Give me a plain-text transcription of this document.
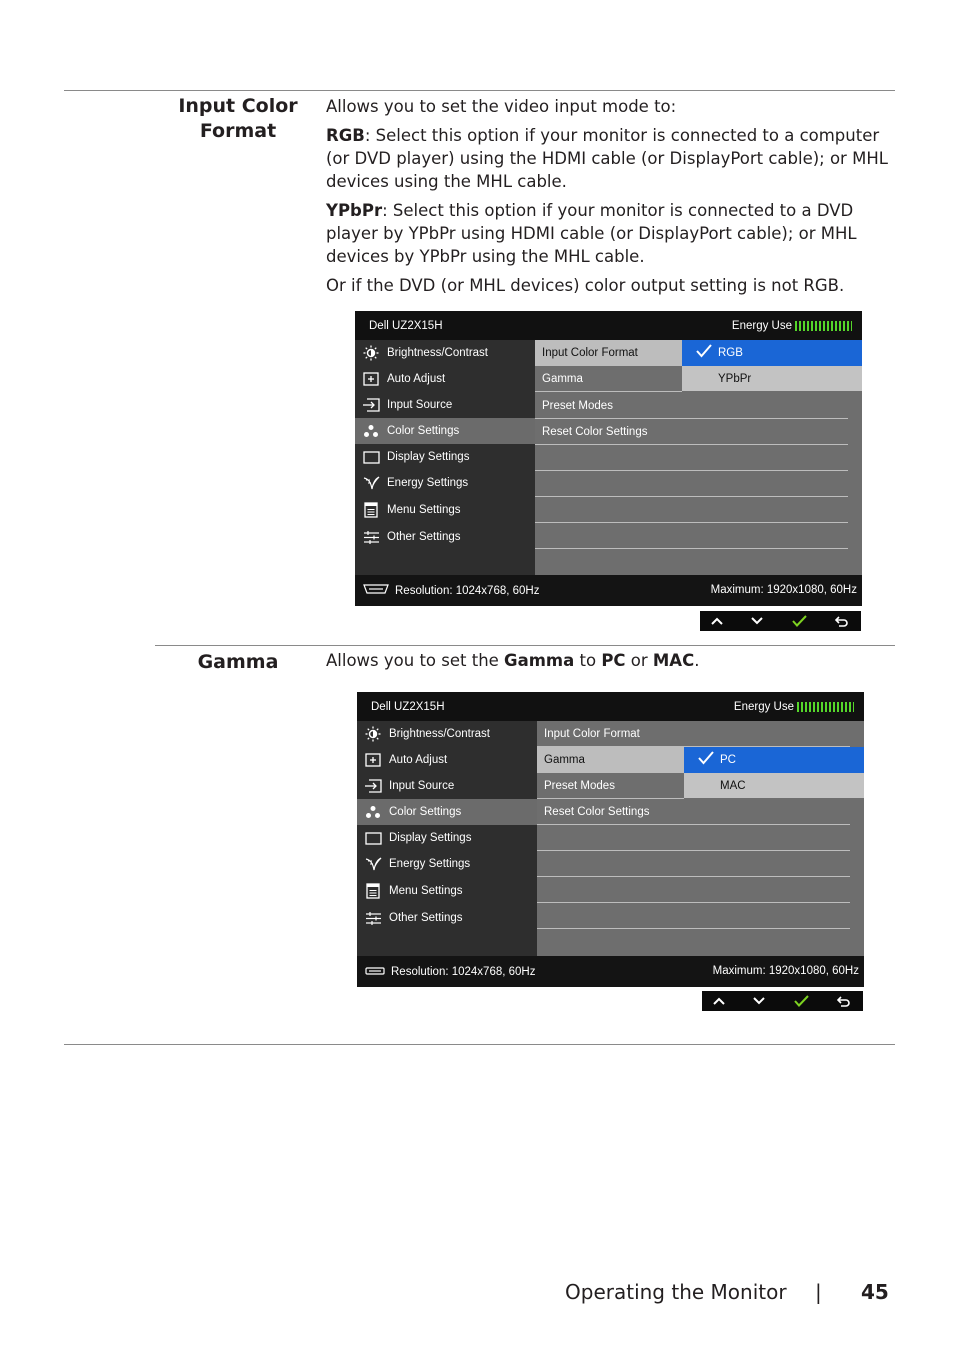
Input Color
Format

Allows you to set the video input mode to:

RGB: Select this option if your monitor is connected to a computer (or DVD player) using the HDMI cable (or DisplayPort cable); or MHL devices using the MHL cable.

YPbPr: Select this option if your monitor is connected to a DVD player by YPbPr using HDMI cable (or DisplayPort cable); or MHL devices by YPbPr using the MHL cable.

Or if the DVD (or MHL devices) color output setting is not RGB.

Dell UZ2X15H	Energy Use
Brightness/Contrast
Auto Adjust
Input Source
Color Settings
Display Settings
Energy Settings
Menu Settings
Other Settings
Input Color Format
Gamma
Preset Modes
Reset Color Settings
RGB
YPbPr
Resolution: 1024x768, 60Hz	Maximum: 1920x1080, 60Hz
Gamma	Allows you to set the Gamma to PC or MAC.

Dell UZ2X15H	Energy Use
Brightness/Contrast
Auto Adjust
Input Source
Color Settings
Display Settings
Energy Settings
Menu Settings
Other Settings
Input Color Format
Gamma
Preset Modes
Reset Color Settings
PC
MAC
Resolution: 1024x768, 60Hz	Maximum: 1920x1080, 60Hz
Operating the Monitor | 45
